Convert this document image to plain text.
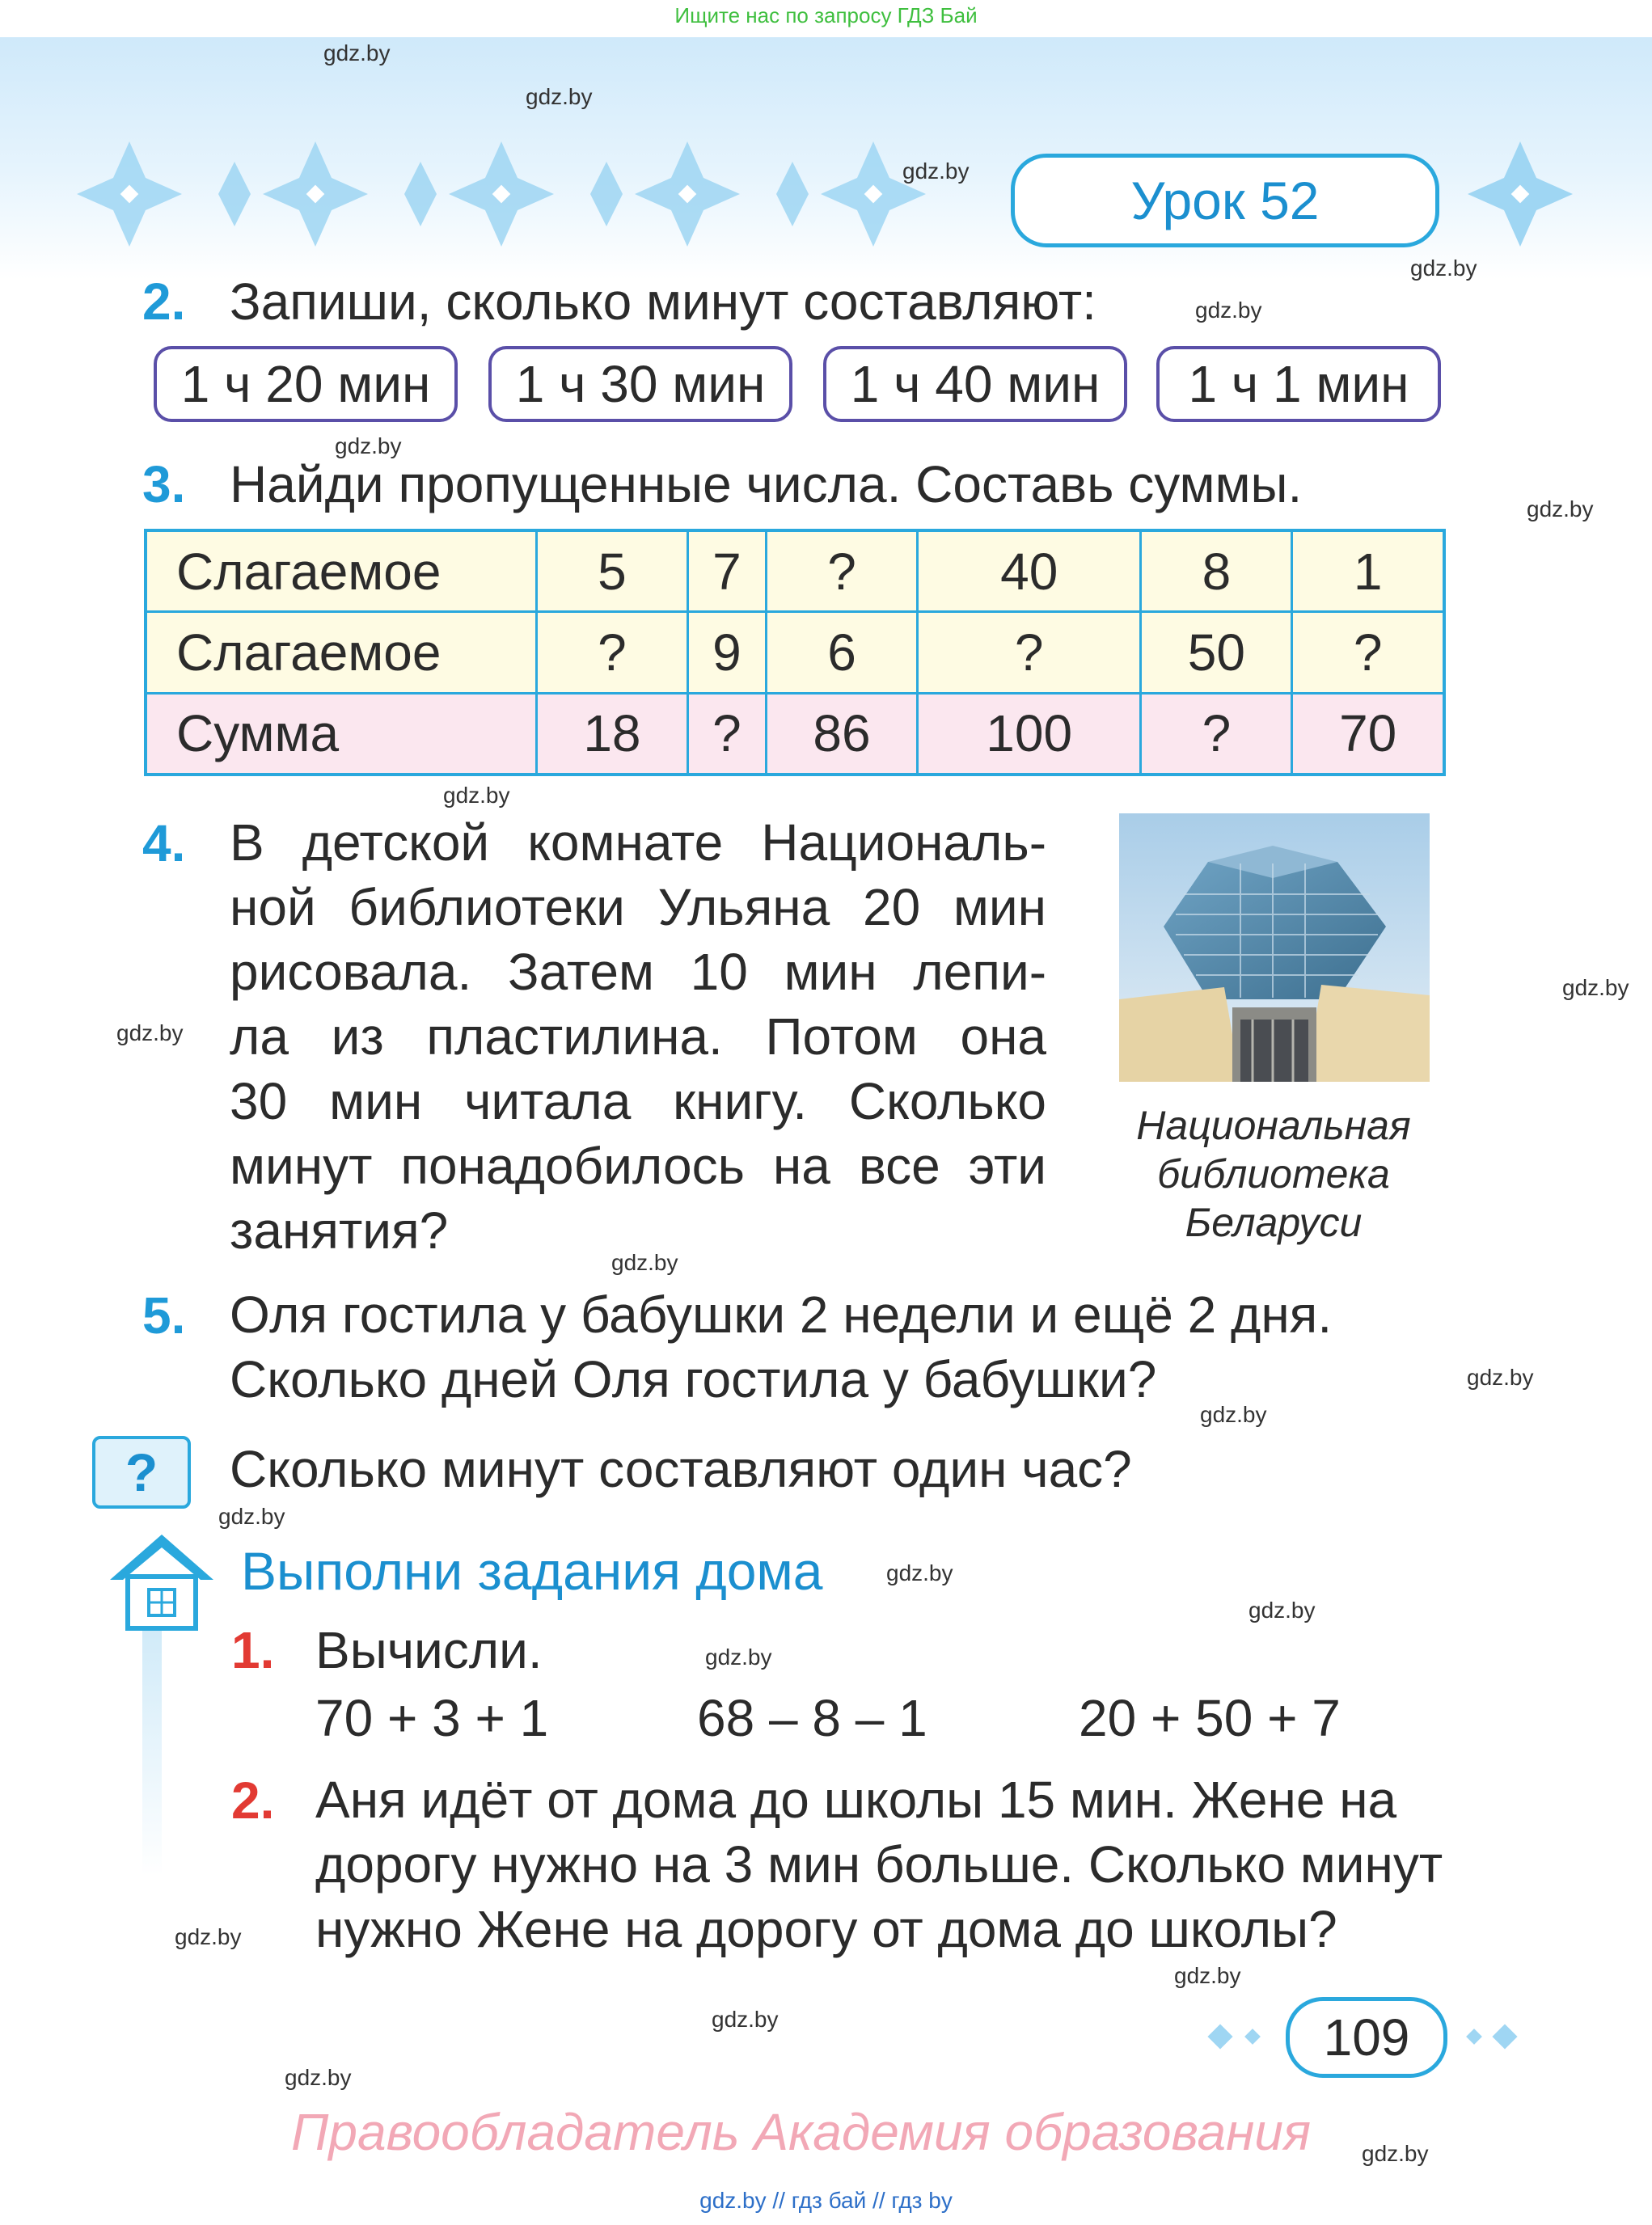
Ищите нас по запросу ГДЗ Бай
Урок 52
gdz.by
gdz.by
gdz.by
gdz.by
gdz.by
gdz.by
gdz.by
gdz.by
gdz.by
gdz.by
gdz.by
gdz.by
gdz.by
gdz.by
gdz.by
gdz.by
gdz.by
gdz.by
gdz.by
gdz.by
gdz.by
gdz.by
2. Запиши, сколько минут составляют:
1 ч 20 мин	1 ч 30 мин	1 ч 40 мин	1 ч 1 мин
3. Найди пропущенные числа. Составь суммы.
Слагаемое	5	7	?	40	8	1
Слагаемое	?	9	6	?	50	?
Сумма	18	?	86	100	?	70
4. В детской комнате Националь-
ной библиотеки Ульяна 20 мин
рисовала. Затем 10 мин лепи-
ла из пластилина. Потом она
30 мин читала книгу. Сколько
минут понадобилось на все эти
занятия?
Национальная
библиотека
Беларуси
5. Оля гостила у бабушки 2 недели и ещё 2 дня.
Сколько дней Оля гостила у бабушки?
?	Сколько минут составляют один час?
Выполни задания дома
1. Вычисли.
70 + 3 + 1	68 – 8 – 1	20 + 50 + 7
2. Аня идёт от дома до школы 15 мин. Жене на
дорогу нужно на 3 мин больше. Сколько минут
нужно Жене на дорогу от дома до школы?
109
Правообладатель Академия образования
gdz.by // гдз бай // гдз by
